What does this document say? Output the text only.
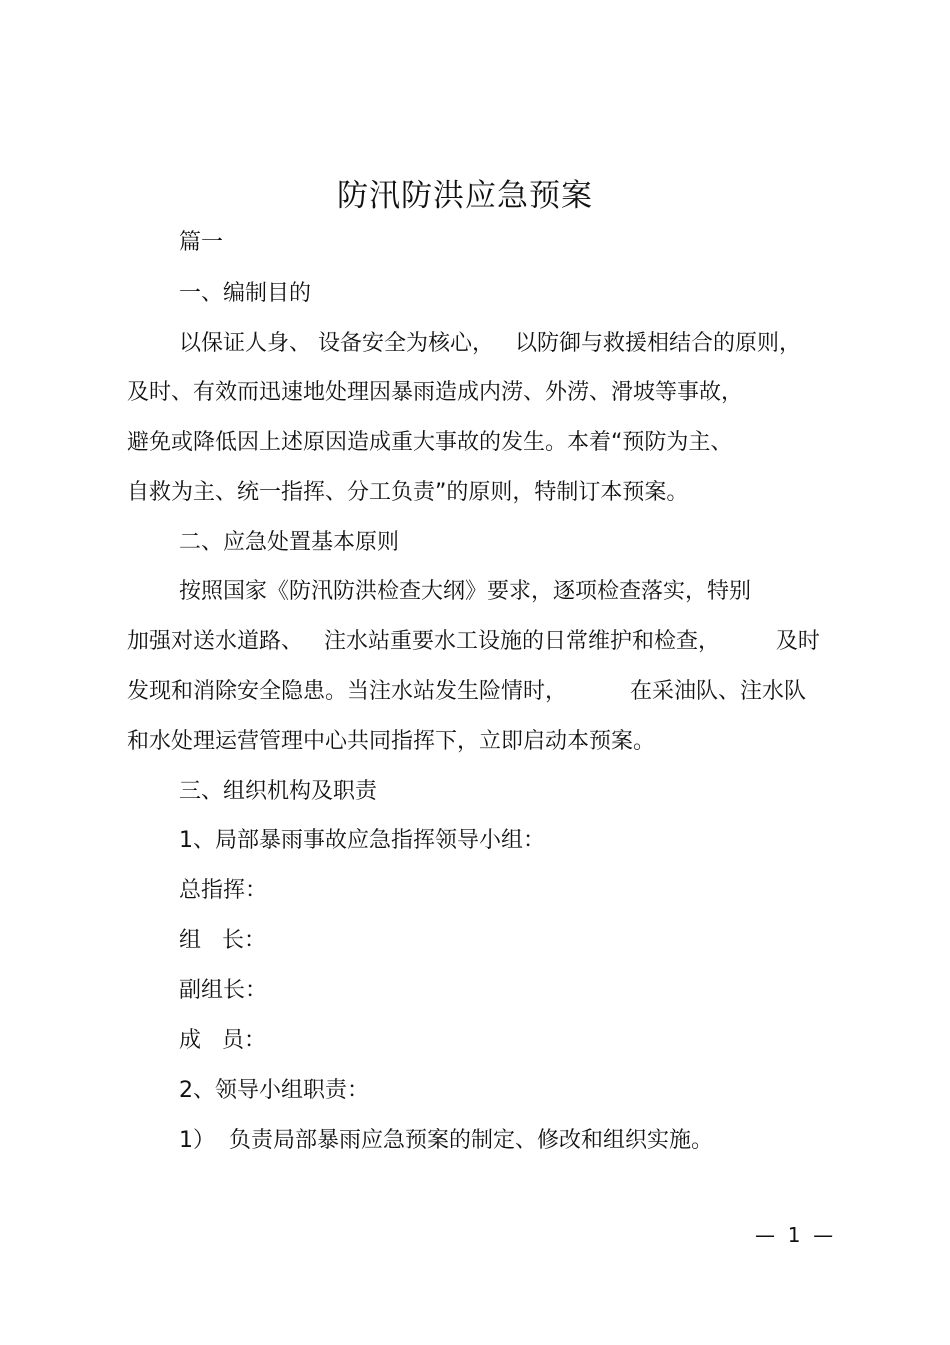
防汛防洪应急预案

篇一

一、编制目的

以保证人身、 设备安全为核心，   以防御与救援相结合的原则，

及时、有效而迅速地处理因暴雨造成内涝、外涝、滑坡等事故，

避免或降低因上述原因造成重大事故的发生。本着“预防为主、

自救为主、统一指挥、分工负责”的原则，特制订本预案。

二、应急处置基本原则

按照国家《防汛防洪检查大纲》要求，逐项检查落实，特别

加强对送水道路、   注水站重要水工设施的日常维护和检查，        及时

发现和消除安全隐患。当注水站发生险情时，         在采油队、注水队

和水处理运营管理中心共同指挥下，立即启动本预案。

三、组织机构及职责

1、局部暴雨事故应急指挥领导小组：

总指挥：

组   长：

副组长：

成   员：

2、领导小组职责：

1）  负责局部暴雨应急预案的制定、修改和组织实施。

—  1  —
